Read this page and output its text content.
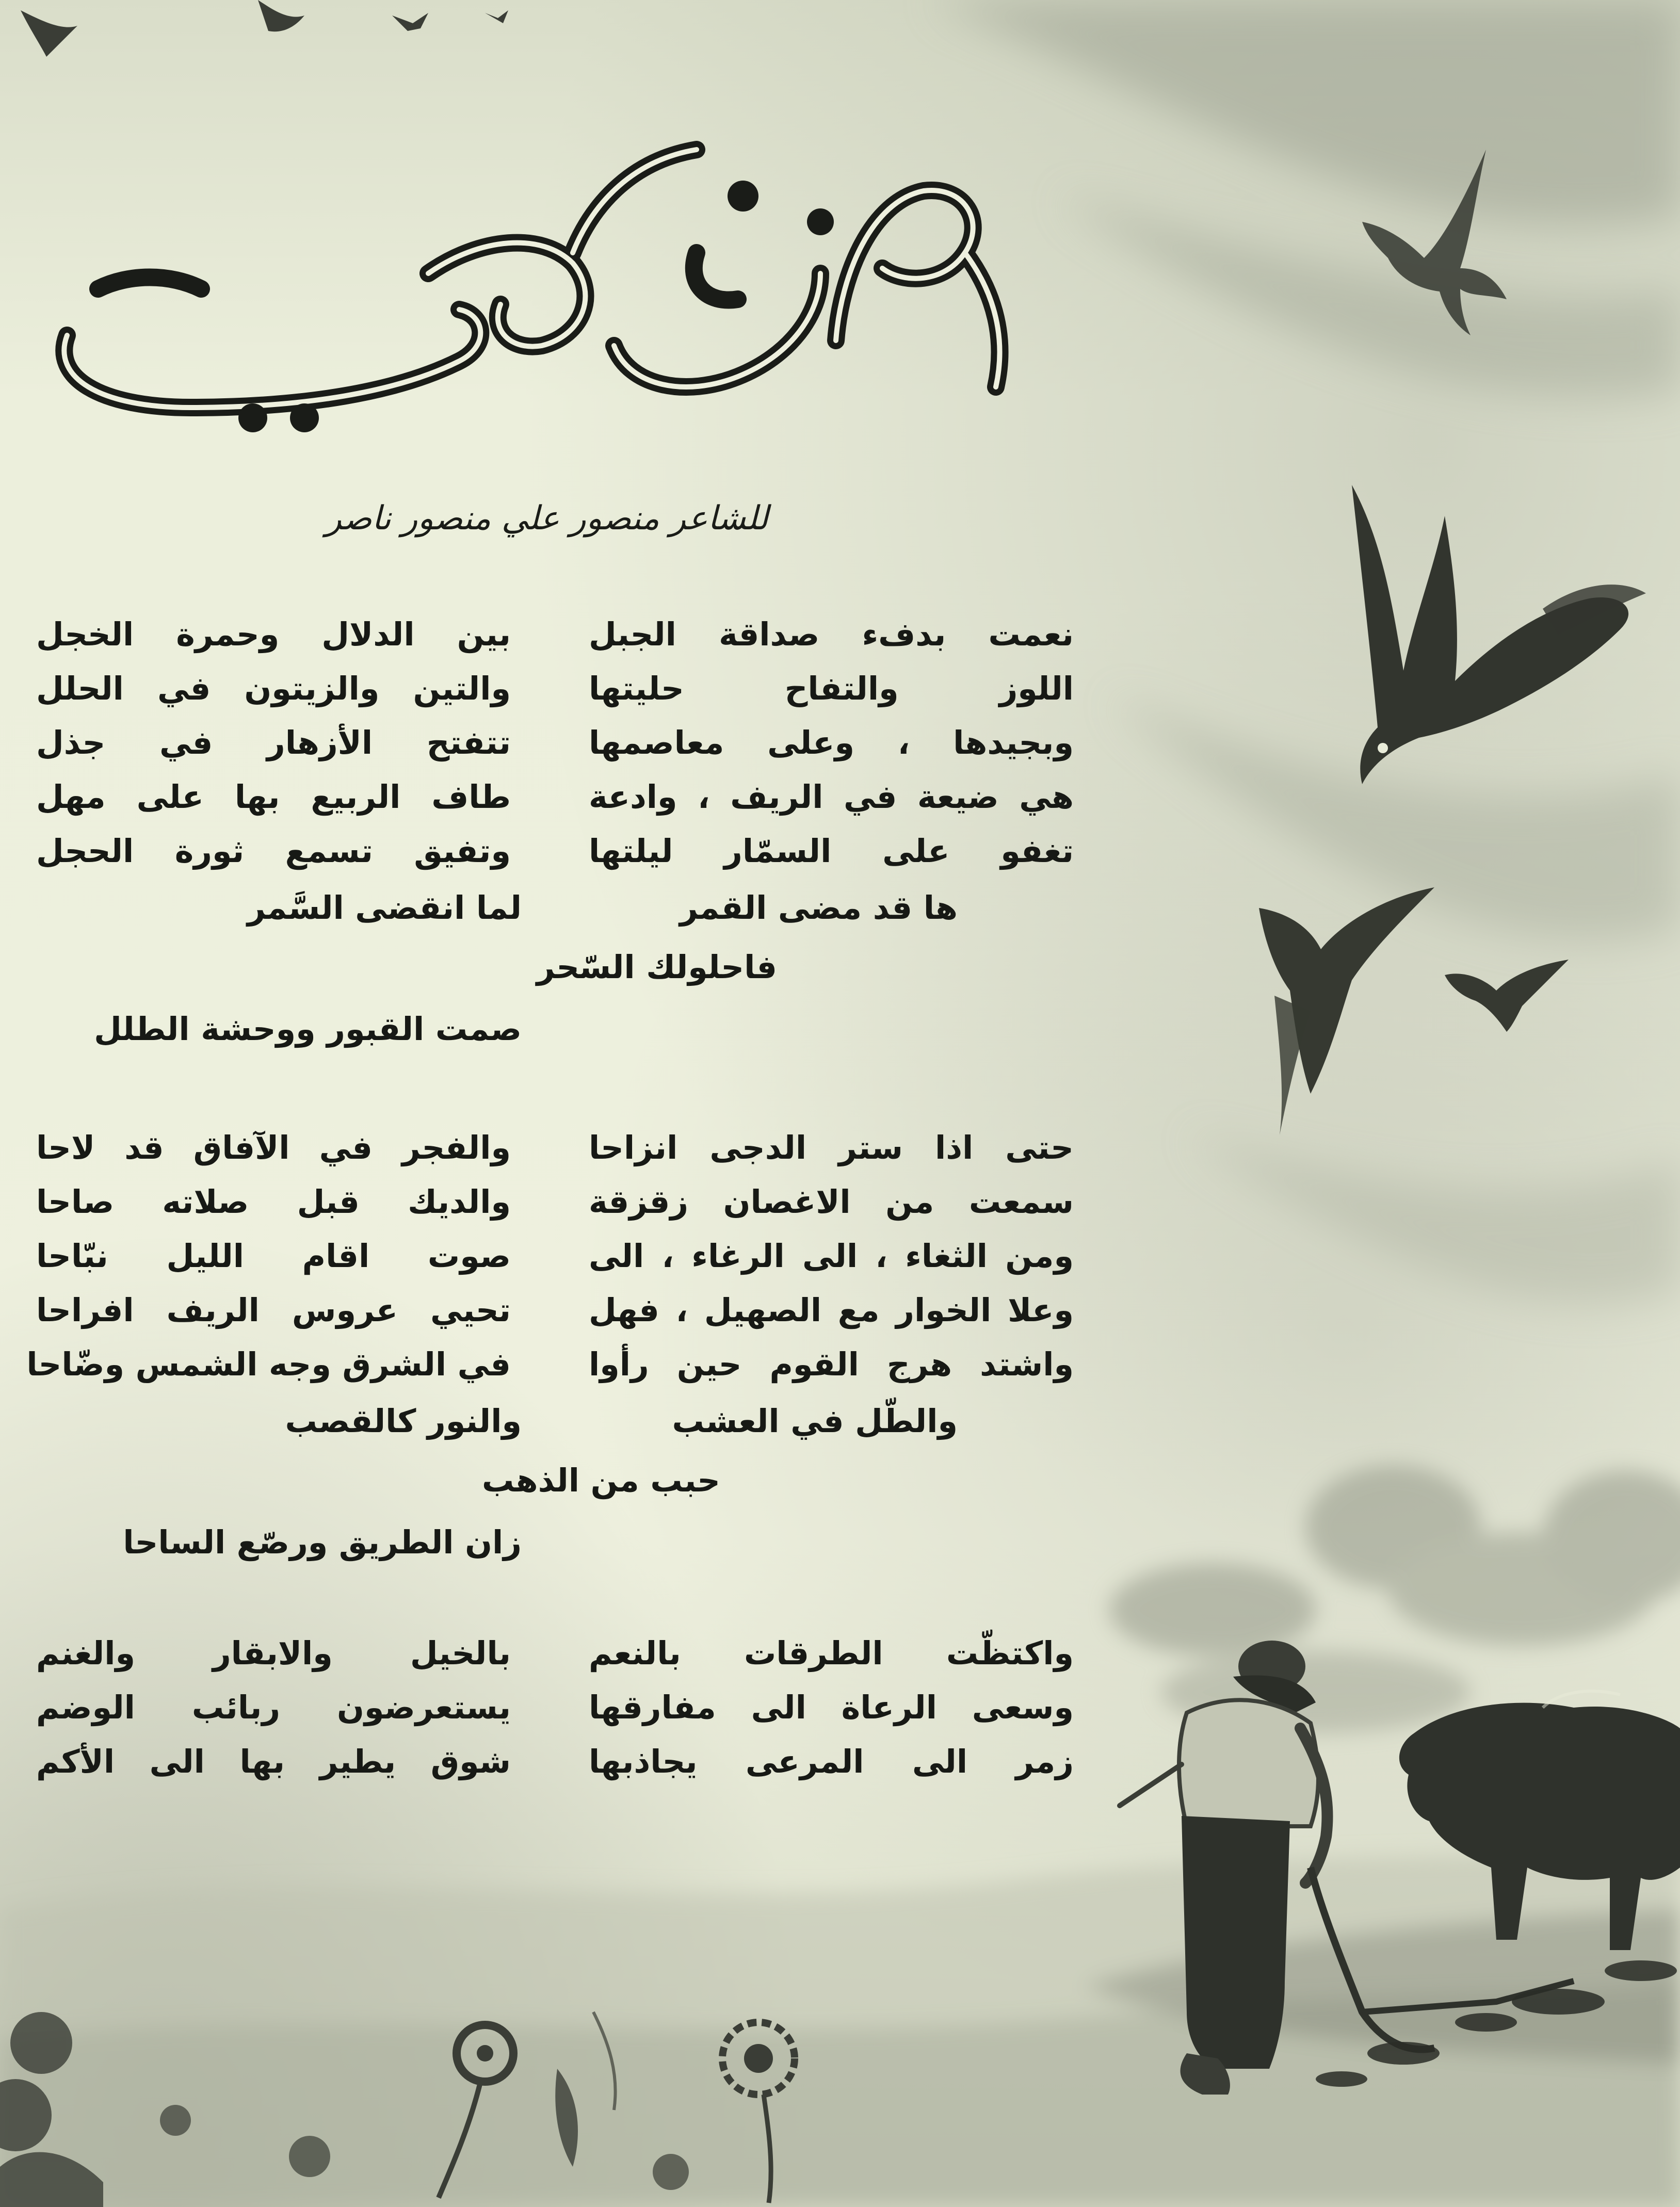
عرس وطني
للشاعر منصور علي منصور ناصر
نعمت بدفء صداقة الجبل
بين الدلال وحمرة الخجل
اللوز والتفاح حليتها
والتين والزيتون في الحلل
وبجيدها ، وعلى معاصمها
تتفتح الأزهار في جذل
هي ضيعة في الريف ، وادعة
طاف الربيع بها على مهل
تغفو على السمّار ليلتها
وتفيق تسمع ثورة الحجل
ها قد مضى القمر
لما انقضى السَّمر
فاحلولك السّحر
صمت القبور ووحشة الطلل
حتى اذا ستر الدجى انزاحا
والفجر في الآفاق قد لاحا
سمعت من الاغصان زقزقة
والديك قبل صلاته صاحا
ومن الثغاء ، الى الرغاء ، الى
صوت اقام الليل نبّاحا
وعلا الخوار مع الصهيل ، فهل
تحيي عروس الريف افراحا
واشتد هرج القوم حين رأوا
في الشرق وجه الشمس وضّاحا
والطّل في العشب
والنور كالقصب
حبب من الذهب
زان الطريق ورصّع الساحا
واكتظّت الطرقات بالنعم
بالخيل والابقار والغنم
وسعى الرعاة الى مفارقها
يستعرضون ربائب الوضم
زمر الى المرعى يجاذبها
شوق يطير بها الى الأكم
